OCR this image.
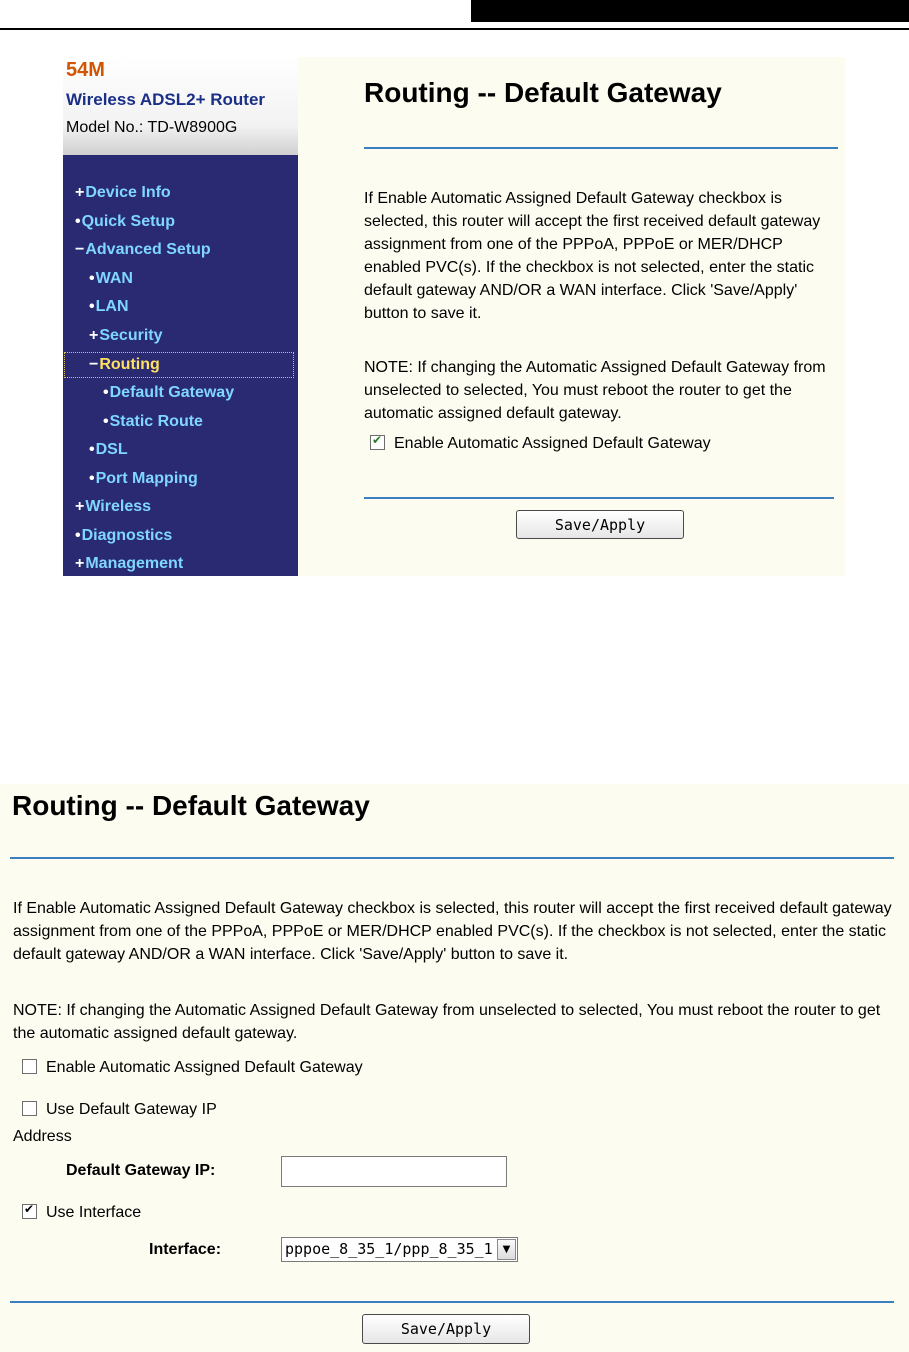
54M
Wireless ADSL2+ Router
Model No.: TD-W8900G
+Device Info
•Quick Setup
−Advanced Setup
•WAN
•LAN
+Security
−Routing
•Default Gateway
•Static Route
•DSL
•Port Mapping
+Wireless
•Diagnostics
+Management
Routing -- Default Gateway
If Enable Automatic Assigned Default Gateway checkbox is selected, this router will accept the first received default gateway assignment from one of the PPPoA, PPPoE or MER/DHCP enabled PVC(s). If the checkbox is not selected, enter the static default gateway AND/OR a WAN interface. Click 'Save/Apply' button to save it.
NOTE: If changing the Automatic Assigned Default Gateway from unselected to selected, You must reboot the router to get the automatic assigned default gateway.
✔Enable Automatic Assigned Default Gateway
Save/Apply
Routing -- Default Gateway
If Enable Automatic Assigned Default Gateway checkbox is selected, this router will accept the first received default gateway assignment from one of the PPPoA, PPPoE or MER/DHCP enabled PVC(s). If the checkbox is not selected, enter the static default gateway AND/OR a WAN interface. Click 'Save/Apply' button to save it.
NOTE: If changing the Automatic Assigned Default Gateway from unselected to selected, You must reboot the router to get the automatic assigned default gateway.
Enable Automatic Assigned Default Gateway
Use Default Gateway IP
Address
Default Gateway IP:
✔Use Interface
Interface:	pppoe_8_35_1/ppp_8_35_1 ▼
Save/Apply
